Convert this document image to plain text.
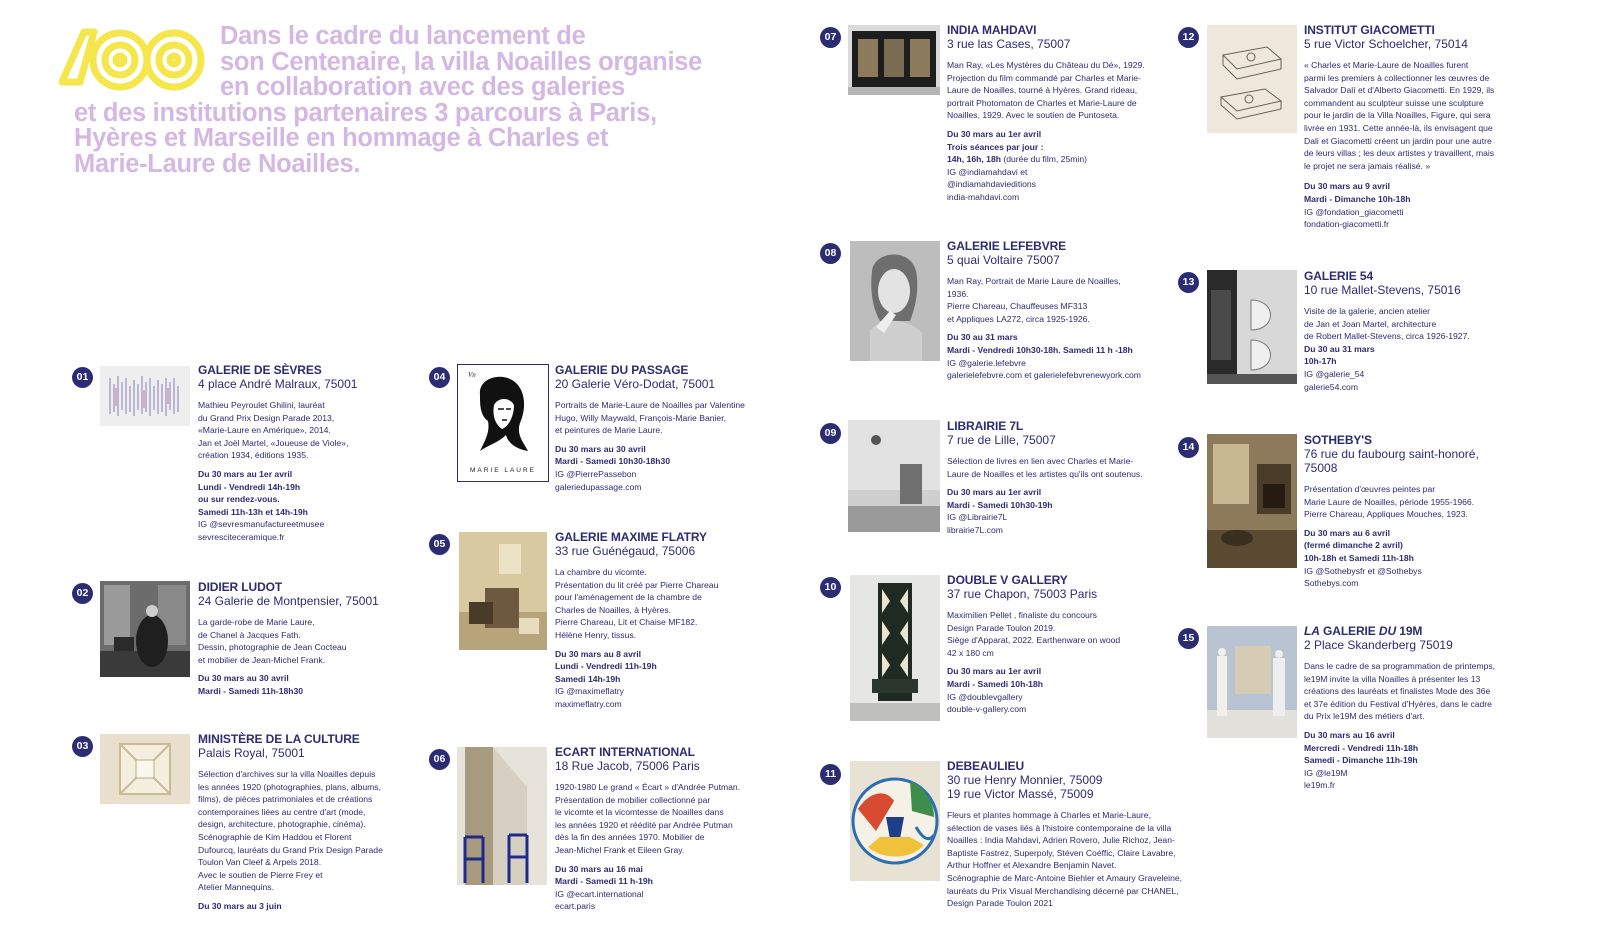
Dans le cadre du lancement de
son Centenaire, la villa Noailles organise
en collaboration avec des galeries
et des institutions partenaires 3 parcours à Paris,
Hyères et Marseille en hommage à Charles et
Marie-Laure de Noailles.

01	GALERIE DE SÈVRES
4 place André Malraux, 75001
Mathieu Peyroulet Ghilini, lauréat
du Grand Prix Design Parade 2013,
«Marie-Laure en Amérique», 2014.
Jan et Joël Martel, «Joueuse de Viole»,
création 1934, éditions 1935.
Du 30 mars au 1er avril
Lundi - Vendredi 14h-19h
ou sur rendez-vous.
Samedi 11h-13h et 14h-19h
IG @sevresmanufactureetmusee
sevresciteceramique.fr
02	DIDIER LUDOT
24 Galerie de Montpensier, 75001
La garde-robe de Marie Laure,
de Chanel à Jacques Fath.
Dessin, photographie de Jean Cocteau
et mobilier de Jean-Michel Frank.
Du 30 mars au 30 avril
Mardi - Samedi 11h-18h30
03	MINISTÈRE DE LA CULTURE
Palais Royal, 75001
Sélection d'archives sur la villa Noailles depuis
les années 1920 (photographies, plans, albums,
films), de pièces patrimoniales et de créations
contemporaines liées au centre d'art (mode,
design, architecture, photographie, cinéma).
Scénographie de Kim Haddou et Florent
Dufourcq, lauréats du Grand Prix Design Parade
Toulon Van Cleef & Arpels 2018.
Avec le soutien de Pierre Frey et
Atelier Mannequins.
Du 30 mars au 3 juin
04	Vn
MARIE LAURE
GALERIE DU PASSAGE
20 Galerie Véro-Dodat, 75001
Portraits de Marie-Laure de Noailles par Valentine
Hugo, Willy Maywald, François-Marie Banier,
et peintures de Marie Laure.
Du 30 mars au 30 avril
Mardi - Samedi 10h30-18h30
IG @PierrePassebon
galeriedupassage.com
05	GALERIE MAXIME FLATRY
33 rue Guénégaud, 75006
La chambre du vicomte.
Présentation du lit créé par Pierre Chareau
pour l'aménagement de la chambre de
Charles de Noailles, à Hyères.
Pierre Chareau, Lit et Chaise MF182.
Hélène Henry, tissus.
Du 30 mars au 8 avril
Lundi - Vendredi 11h-19h
Samedi 14h-19h
IG @maximeflatry
maximeflatry.com
06	ECART INTERNATIONAL
18 Rue Jacob, 75006 Paris
1920-1980 Le grand « Écart » d'Andrée Putman.
Présentation de mobilier collectionné par
le vicomte et la vicomtesse de Noailles dans
les années 1920 et réédité par Andrée Putman
dès la fin des années 1970. Mobilier de
Jean-Michel Frank et Eileen Gray.
Du 30 mars au 16 mai
Mardi - Samedi 11 h-19h
IG @ecart.international
ecart.paris
07	INDIA MAHDAVI
3 rue las Cases, 75007
Man Ray, «Les Mystères du Château du Dé», 1929.
Projection du film commandé par Charles et Marie-
Laure de Noailles, tourné à Hyères. Grand rideau,
portrait Photomaton de Charles et Marie-Laure de
Noailles, 1929. Avec le soutien de Puntoseta.
Du 30 mars au 1er avril
Trois séances par jour :
14h, 16h, 18h (durée du film, 25min)
IG @indiamahdavi et
@indiamahdavieditions
india-mahdavi.com
08	GALERIE LEFEBVRE
5 quai Voltaire 75007
Man Ray, Portrait de Marie Laure de Noailles,
1936.
Pierre Chareau, Chauffeuses MF313
et Appliques LA272, circa 1925-1926.
Du 30 au 31 mars
Mardi - Vendredi 10h30-18h. Samedi 11 h -18h
IG @galerie.lefebvre
galerielefebvre.com et galerielefebvrenewyork.com
09	LIBRAIRIE 7L
7 rue de Lille, 75007
Sélection de livres en lien avec Charles et Marie-
Laure de Noailles et les artistes qu'ils ont soutenus.
Du 30 mars au 1er avril
Mardi - Samedi 10h30-19h
IG @Librairie7L
librairie7L.com
10	DOUBLE V GALLERY
37 rue Chapon, 75003 Paris
Maximilien Pellet , finaliste du concours
Design Parade Toulon 2019.
Siège d'Apparat, 2022. Earthenware on wood
42 x 180 cm
Du 30 mars au 1er avril
Mardi - Samedi 10h-18h
IG @doublevgallery
double-v-gallery.com
11
DEBEAULIEU
30 rue Henry Monnier, 75009
19 rue Victor Massé, 75009
Fleurs et plantes hommage à Charles et Marie-Laure,
sélection de vases liés à l'histoire contemporaine de la villa
Noailles : India Mahdavi, Adrien Rovero, Julie Richoz, Jean-
Baptiste Fastrez, Superpoly, Stéven Coéffic, Claire Lavabre,
Arthur Hoffner et Alexandre Benjamin Navet.
Scénographie de Marc-Antoine Biehler et Amaury Graveleine,
lauréats du Prix Visual Merchandising décerné par CHANEL,
Design Parade Toulon 2021
12	INSTITUT GIACOMETTI
5 rue Victor Schoelcher, 75014
« Charles et Marie-Laure de Noailles furent
parmi les premiers à collectionner les œuvres de
Salvador Dalí et d'Alberto Giacometti. En 1929, ils
commandent au sculpteur suisse une sculpture
pour le jardin de la Villa Noailles, Figure, qui sera
livrée en 1931. Cette année-là, ils envisagent que
Dali et Giacometti créent un jardin pour une autre
de leurs villas ; les deux artistes y travaillent, mais
le projet ne sera jamais réalisé. »
Du 30 mars au 9 avril
Mardi - Dimanche 10h-18h
IG @fondation_giacometti
fondation-giacometti.fr
13	GALERIE 54
10 rue Mallet-Stevens, 75016
Visite de la galerie, ancien atelier
de Jan et Joan Martel, architecture
de Robert Mallet-Stevens, circa 1926-1927.
Du 30 au 31 mars
10h-17h
IG @galerie_54
galerie54.com
14	SOTHEBY'S
76 rue du faubourg saint-honoré,
75008
Présentation d'œuvres peintes par
Marie Laure de Noailles, période 1955-1966.
Pierre Chareau, Appliques Mouches, 1923.
Du 30 mars au 6 avril
(fermé dimanche 2 avril)
10h-18h et Samedi 11h-18h
IG @Sothebysfr et @Sothebys
Sothebys.com
15	LA GALERIE DU 19M
2 Place Skanderberg 75019
Dans le cadre de sa programmation de printemps,
le19M invite la villa Noailles à présenter les 13
créations des lauréats et finalistes Mode des 36e
et 37e édition du Festival d'Hyères, dans le cadre
du Prix le19M des métiers d'art.
Du 30 mars au 16 avril
Mercredi - Vendredi 11h-18h
Samedi - Dimanche 11h-19h
IG @le19M
le19m.fr
